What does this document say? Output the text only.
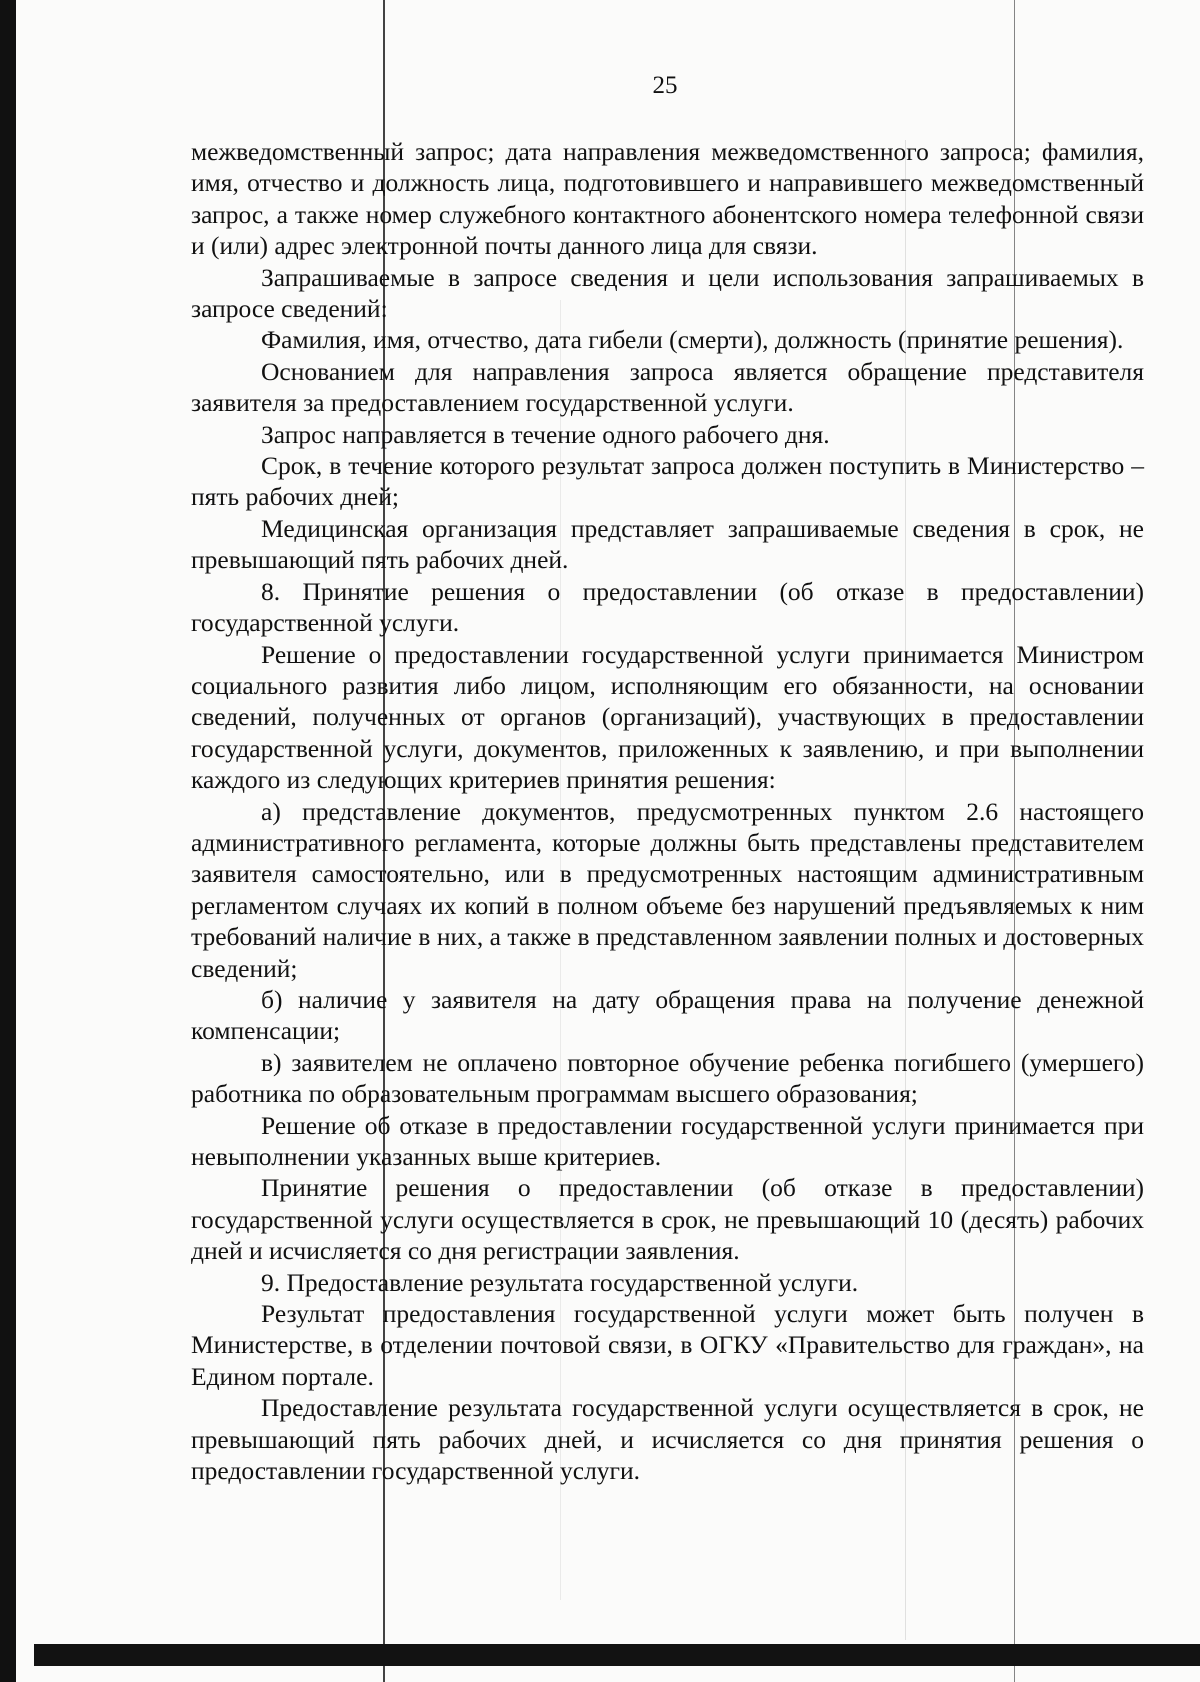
25

межведомственный запрос; дата направления межведомственного запроса; фамилия, имя, отчество и должность лица, подготовившего и направившего межведомственный запрос, а также номер служебного контактного абонентского номера телефонной связи и (или) адрес электронной почты данного лица для связи.

Запрашиваемые в запросе сведения и цели использования запрашиваемых в запросе сведений:

Фамилия, имя, отчество, дата гибели (смерти), должность (принятие решения).

Основанием для направления запроса является обращение представителя заявителя за предоставлением государственной услуги.

Запрос направляется в течение одного рабочего дня.

Срок, в течение которого результат запроса должен поступить в Министерство – пять рабочих дней;

Медицинская организация представляет запрашиваемые сведения в срок, не превышающий пять рабочих дней.

8. Принятие решения о предоставлении (об отказе в предоставлении) государственной услуги.

Решение о предоставлении государственной услуги принимается Министром социального развития либо лицом, исполняющим его обязанности, на основании сведений, полученных от органов (организаций), участвующих в предоставлении государственной услуги, документов, приложенных к заявлению, и при выполнении каждого из следующих критериев принятия решения:

а) представление документов, предусмотренных пунктом 2.6 настоящего административного регламента, которые должны быть представлены представителем заявителя самостоятельно, или в предусмотренных настоящим административным регламентом случаях их копий в полном объеме без нарушений предъявляемых к ним требований наличие в них, а также в представленном заявлении полных и достоверных сведений;

б) наличие у заявителя на дату обращения права на получение денежной компенсации;

в) заявителем не оплачено повторное обучение ребенка погибшего (умершего) работника по образовательным программам высшего образования;

Решение об отказе в предоставлении государственной услуги принимается при невыполнении указанных выше критериев.

Принятие решения о предоставлении (об отказе в предоставлении) государственной услуги осуществляется в срок, не превышающий 10 (десять) рабочих дней и исчисляется со дня регистрации заявления.

9. Предоставление результата государственной услуги.

Результат предоставления государственной услуги может быть получен в Министерстве, в отделении почтовой связи, в ОГКУ «Правительство для граждан», на Едином портале.

Предоставление результата государственной услуги осуществляется в срок, не превышающий пять рабочих дней, и исчисляется со дня принятия решения о предоставлении государственной услуги.
